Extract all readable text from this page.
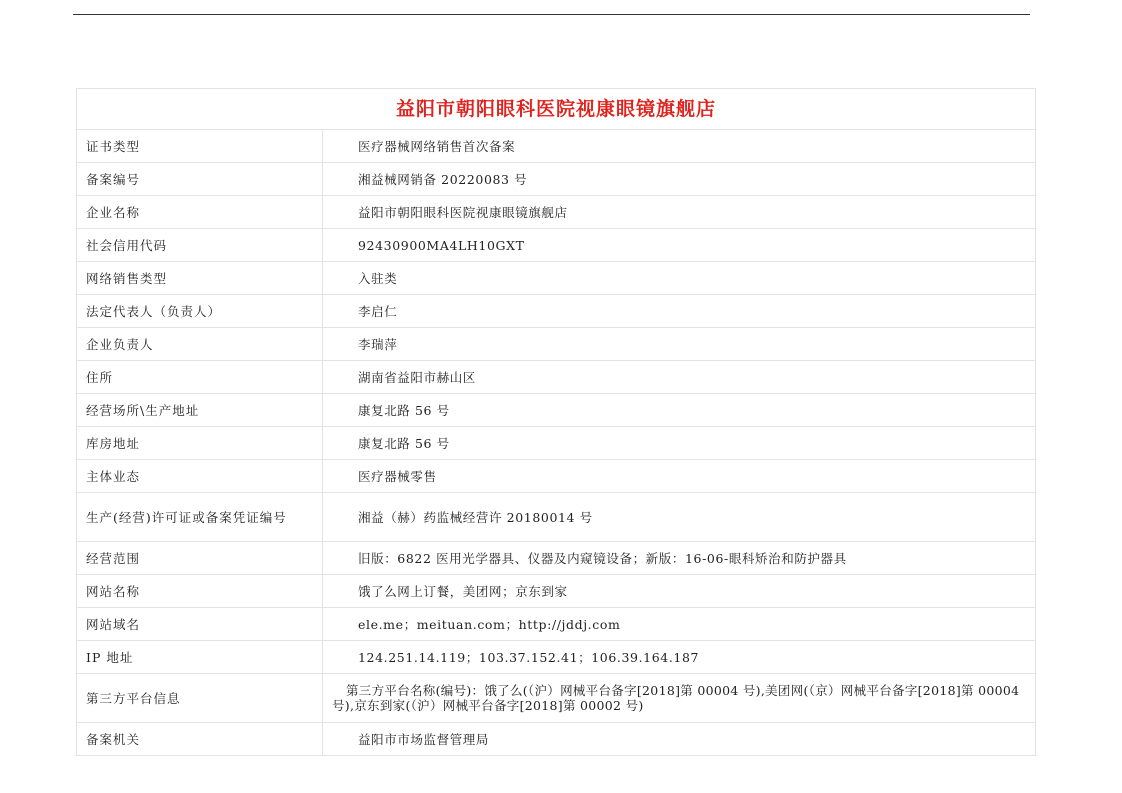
益阳市朝阳眼科医院视康眼镜旗舰店	
证书类型	医疗器械网络销售首次备案
备案编号	湘益械网销备 20220083 号
企业名称	益阳市朝阳眼科医院视康眼镜旗舰店
社会信用代码	92430900MA4LH10GXT
网络销售类型	入驻类
法定代表人（负责人）	李启仁
企业负责人	李瑞萍
住所	湖南省益阳市赫山区
经营场所\生产地址	康复北路 56 号
库房地址	康复北路 56 号
主体业态	医疗器械零售
生产(经营)许可证或备案凭证编号	湘益（赫）药监械经营许 20180014 号
经营范围	旧版：6822 医用光学器具、仪器及内窥镜设备；新版：16-06-眼科矫治和防护器具
网站名称	饿了么网上订餐，美团网；京东到家
网站域名	ele.me；meituan.com；http://jddj.com
IP 地址	124.251.14.119；103.37.152.41；106.39.164.187
第三方平台信息	第三方平台名称(编号)：饿了么(（沪）网械平台备字[2018]第 00004 号),美团网(（京）网械平台备字[2018]第 00004 号),京东到家(（沪）网械平台备字[2018]第 00002 号)
备案机关	益阳市市场监督管理局
